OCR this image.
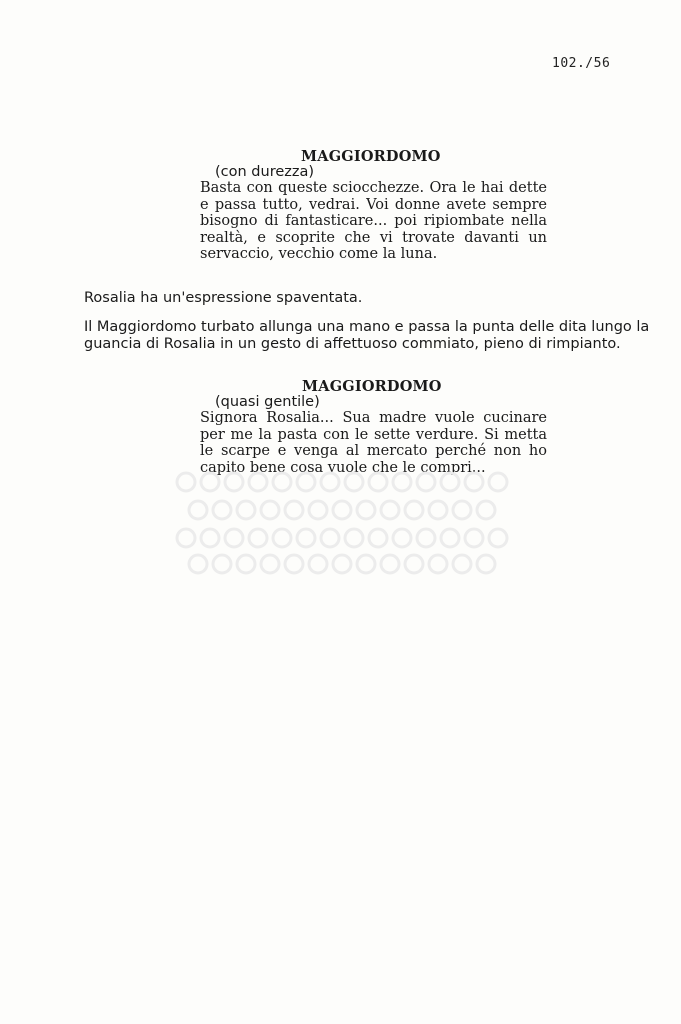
102./56
MAGGIORDOMO
(con durezza)

Basta con queste sciocchezze. Ora le hai dette e passa tutto, vedrai. Voi donne avete sempre bisogno di fantasticare... poi ripiombate nella realtà, e scoprite che vi trovate davanti un servaccio, vecchio come la luna.

Rosalia ha un'espressione spaventata.

Il Maggiordomo turbato allunga una mano e passa la punta delle dita lungo la guancia di Rosalia in un gesto di affettuoso commiato, pieno di rimpianto.

MAGGIORDOMO
(quasi gentile)

Signora Rosalia... Sua madre vuole cucinare per me la pasta con le sette verdure. Si metta le scarpe e venga al mercato perché non ho capito bene cosa vuole che le compri...
